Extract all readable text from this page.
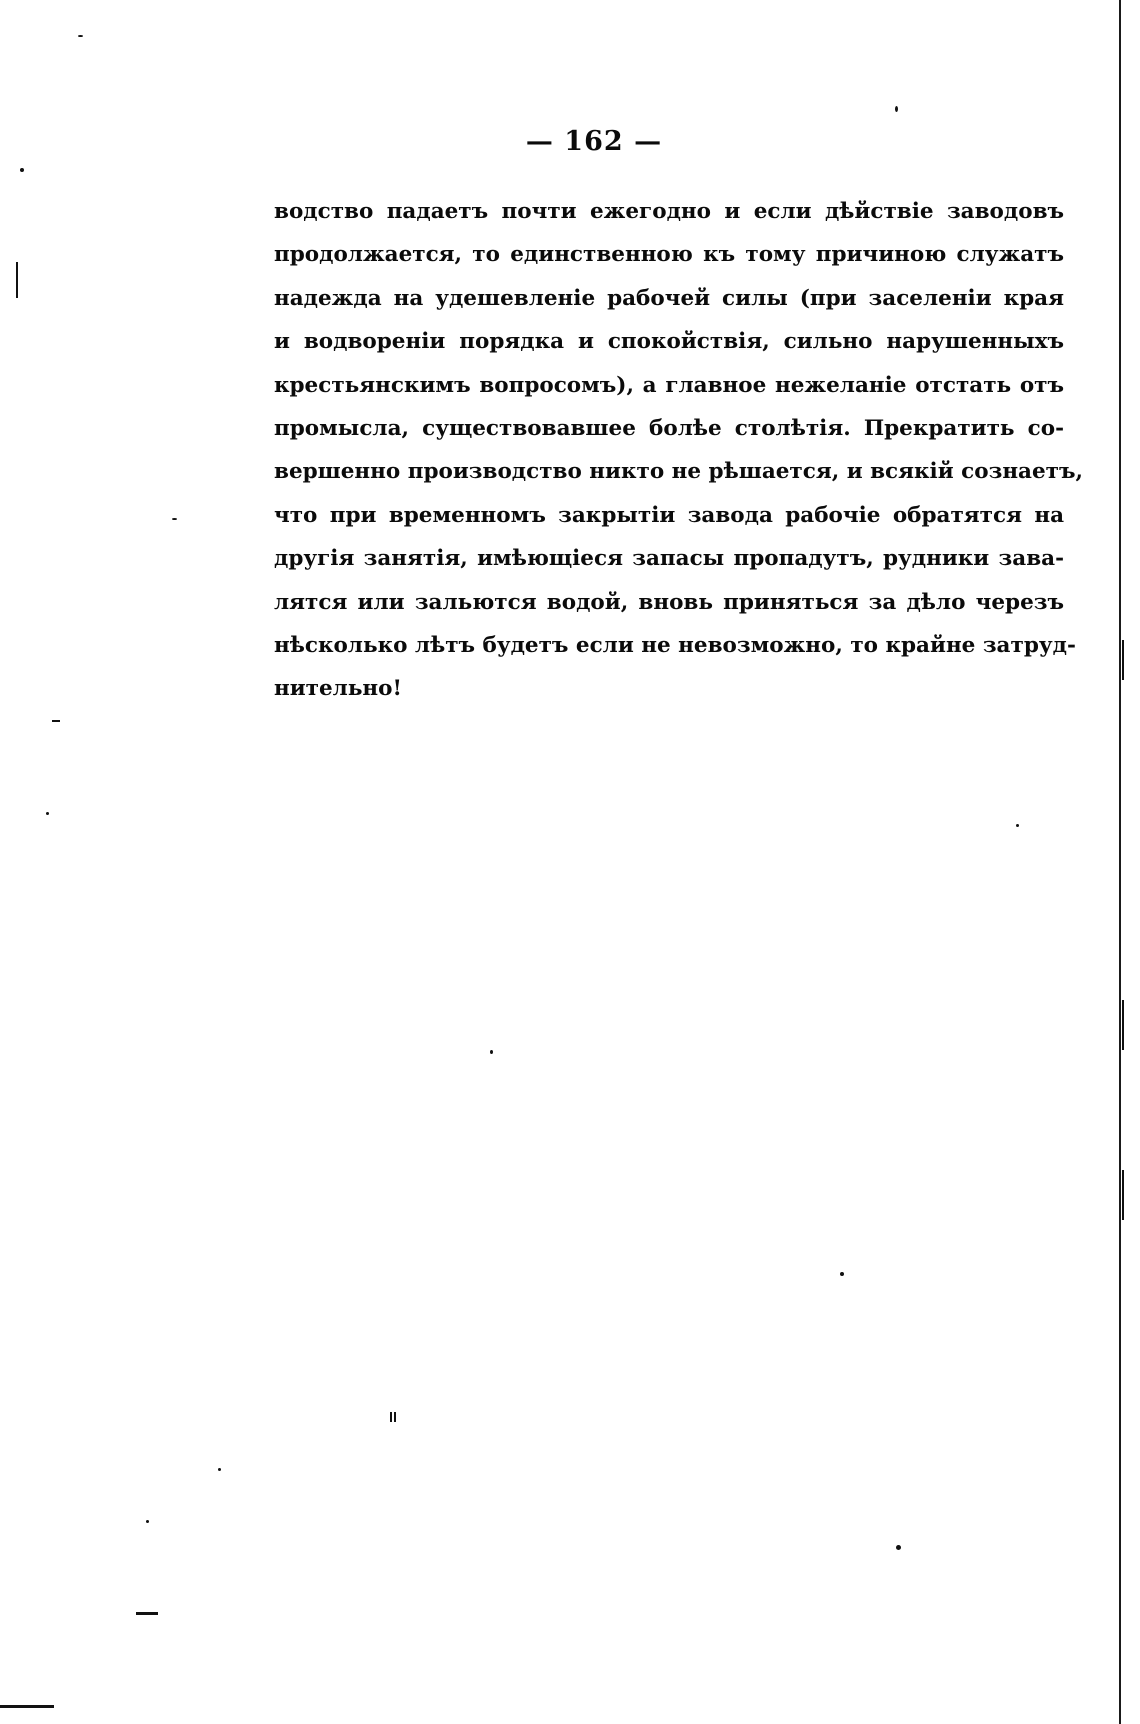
— 162 —
водство падаетъ почти ежегодно и если дѣйствіе заводовъ
продолжается, то единственною къ тому причиною служатъ
надежда на удешевленіе рабочей силы (при заселеніи края
и водвореніи порядка и спокойствія, сильно нарушенныхъ
крестьянскимъ вопросомъ), а главное нежеланіе отстать отъ
промысла, существовавшее болѣе столѣтія. Прекратить со-
вершенно производство никто не рѣшается, и всякій сознаетъ,
что при временномъ закрытіи завода рабочіе обратятся на
другія занятія, имѣющіеся запасы пропадутъ, рудники зава-
лятся или зальются водой, вновь приняться за дѣло черезъ
нѣсколько лѣтъ будетъ если не невозможно, то крайне затруд-
нительно!
